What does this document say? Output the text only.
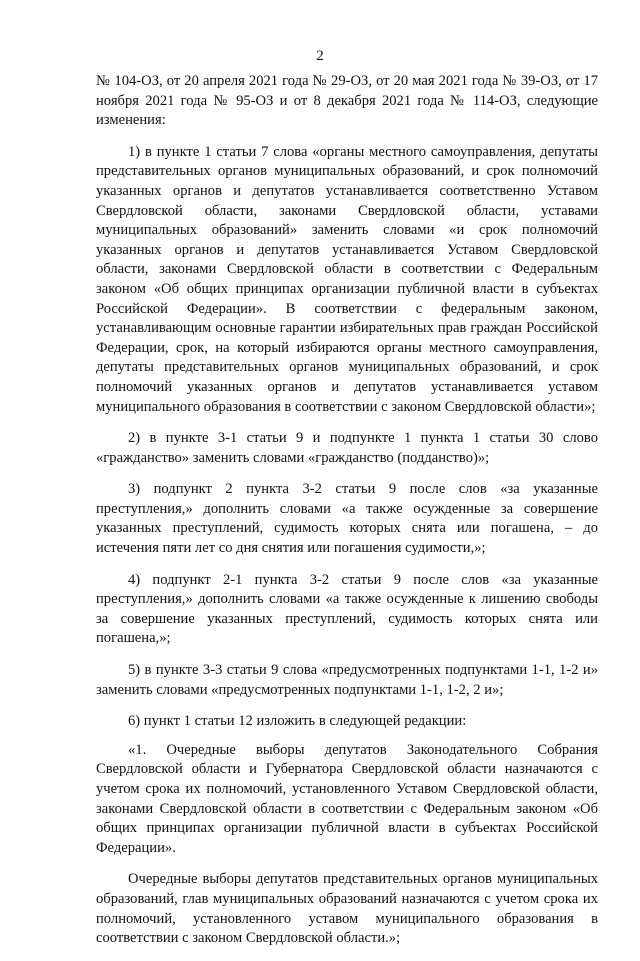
2

№ 104-ОЗ, от 20 апреля 2021 года № 29-ОЗ, от 20 мая 2021 года № 39-ОЗ, от 17 ноября 2021 года № 95-ОЗ и от 8 декабря 2021 года № 114-ОЗ, следующие изменения:

1) в пункте 1 статьи 7 слова «органы местного самоуправления, депутаты представительных органов муниципальных образований, и срок полномочий указанных органов и депутатов устанавливается соответственно Уставом Свердловской области, законами Свердловской области, уставами муниципальных образований» заменить словами «и срок полномочий указанных органов и депутатов устанавливается Уставом Свердловской области, законами Свердловской области в соответствии с Федеральным законом «Об общих принципах организации публичной власти в субъектах Российской Федерации». В соответствии с федеральным законом, устанавливающим основные гарантии избирательных прав граждан Российской Федерации, срок, на который избираются органы местного самоуправления, депутаты представительных органов муниципальных образований, и срок полномочий указанных органов и депутатов устанавливается уставом муниципального образования в соответствии с законом Свердловской области»;

2) в пункте 3-1 статьи 9 и подпункте 1 пункта 1 статьи 30 слово «гражданство» заменить словами «гражданство (подданство)»;

3) подпункт 2 пункта 3-2 статьи 9 после слов «за указанные преступления,» дополнить словами «а также осужденные за совершение указанных преступлений, судимость которых снята или погашена, – до истечения пяти лет со дня снятия или погашения судимости,»;

4) подпункт 2-1 пункта 3-2 статьи 9 после слов «за указанные преступления,» дополнить словами «а также осужденные к лишению свободы за совершение указанных преступлений, судимость которых снята или погашена,»;

5) в пункте 3-3 статьи 9 слова «предусмотренных подпунктами 1-1, 1-2 и» заменить словами «предусмотренных подпунктами 1-1, 1-2, 2 и»;

6) пункт 1 статьи 12 изложить в следующей редакции:

«1. Очередные выборы депутатов Законодательного Собрания Свердловской области и Губернатора Свердловской области назначаются с учетом срока их полномочий, установленного Уставом Свердловской области, законами Свердловской области в соответствии с Федеральным законом «Об общих принципах организации публичной власти в субъектах Российской Федерации».

Очередные выборы депутатов представительных органов муниципальных образований, глав муниципальных образований назначаются с учетом срока их полномочий, установленного уставом муниципального образования в соответствии с законом Свердловской области.»;
